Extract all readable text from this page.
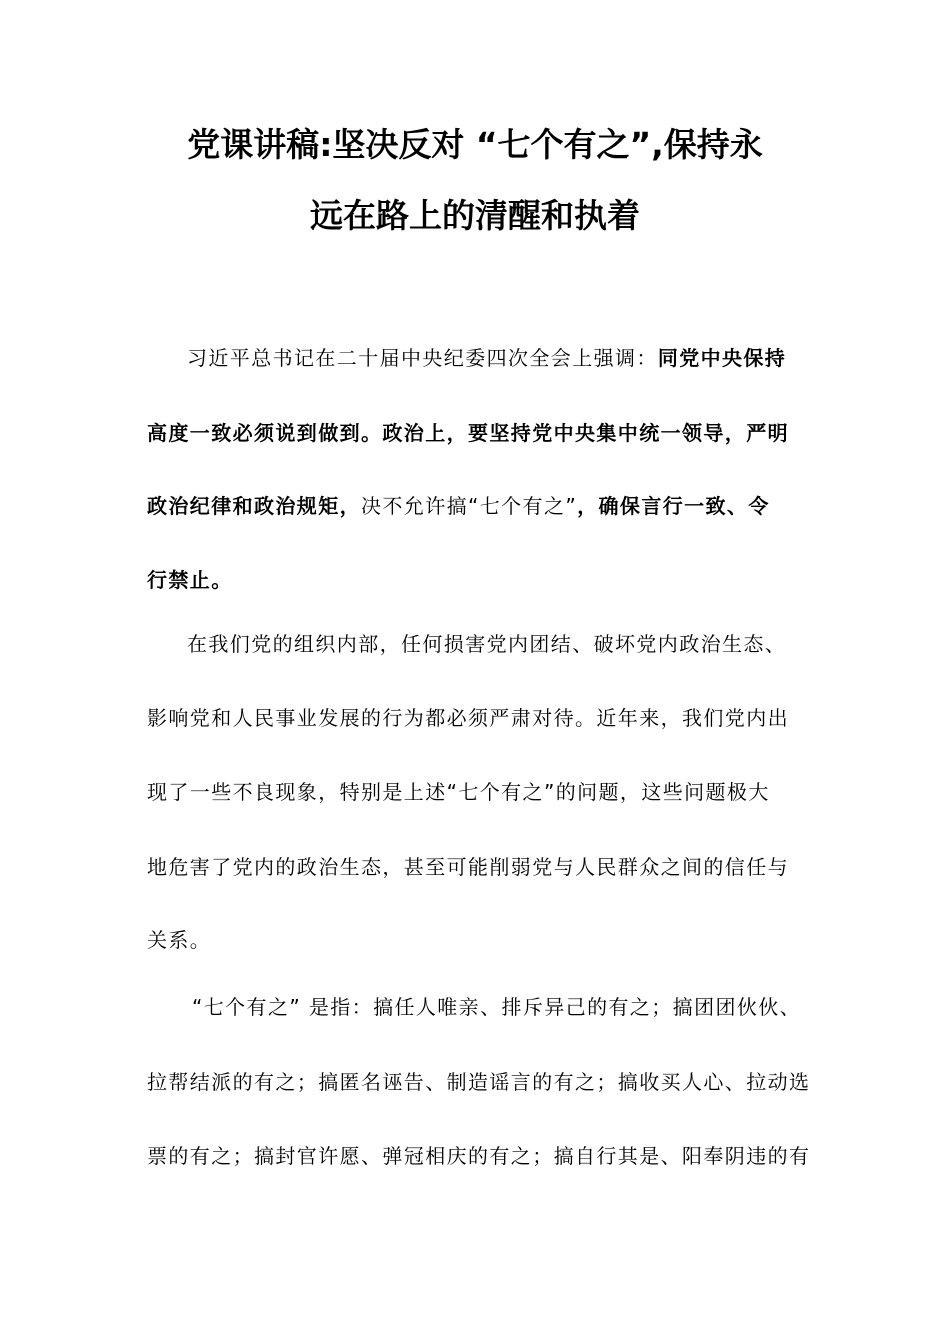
党课讲稿:坚决反对 “七个有之”,保持永
远在路上的清醒和执着
习近平总书记在二十届中央纪委四次全会上强调：同党中央保持
高度一致必须说到做到。政治上，要坚持党中央集中统一领导，严明
政治纪律和政治规矩，决不允许搞“七个有之”，确保言行一致、令
行禁止。
在我们党的组织内部，任何损害党内团结、破坏党内政治生态、
影响党和人民事业发展的行为都必须严肃对待。近年来，我们党内出
现了一些不良现象，特别是上述“七个有之”的问题，这些问题极大
地危害了党内的政治生态，甚至可能削弱党与人民群众之间的信任与
关系。
“七个有之” 是指：搞任人唯亲、排斥异己的有之；搞团团伙伙、
拉帮结派的有之；搞匿名诬告、制造谣言的有之；搞收买人心、拉动选
票的有之；搞封官许愿、弹冠相庆的有之；搞自行其是、阳奉阴违的有
